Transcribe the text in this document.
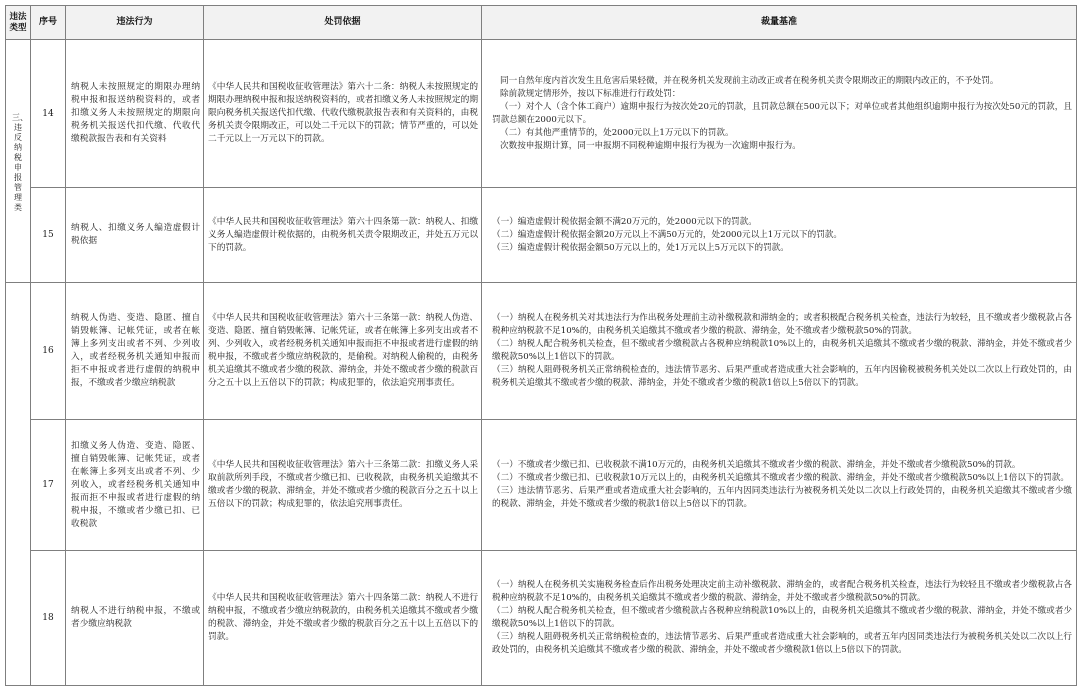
违法类型	序号	违法行为	处罚依据	裁量基准

三、违反纳税申报管理类	14	纳税人未按照规定的期限办理纳税申报和报送纳税资料的，或者扣缴义务人未按照规定的期限向税务机关报送代扣代缴、代收代缴税款报告表和有关资料	《中华人民共和国税收征收管理法》第六十二条：纳税人未按照规定的期限办理纳税申报和报送纳税资料的，或者扣缴义务人未按照规定的期限向税务机关报送代扣代缴、代收代缴税款报告表和有关资料的，由税务机关责令限期改正，可以处二千元以下的罚款；情节严重的，可以处二千元以上一万元以下的罚款。	同一自然年度内首次发生且危害后果轻微，并在税务机关发现前主动改正或者在税务机关责令限期改正的期限内改正的，不予处罚。

除前款规定情形外，按以下标准进行行政处罚：

（一）对个人（含个体工商户）逾期申报行为按次处20元的罚款，且罚款总额在500元以下；对单位或者其他组织逾期申报行为按次处50元的罚款，且罚款总额在2000元以下。

（二）有其他严重情节的，处2000元以上1万元以下的罚款。

次数按申报期计算，同一申报期不同税种逾期申报行为视为一次逾期申报行为。

	15	纳税人、扣缴义务人编造虚假计税依据	《中华人民共和国税收征收管理法》第六十四条第一款：纳税人、扣缴义务人编造虚假计税依据的，由税务机关责令限期改正，并处五万元以下的罚款。	（一）编造虚假计税依据金额不满20万元的，处2000元以下的罚款。

（二）编造虚假计税依据金额20万元以上不满50万元的，处2000元以上1万元以下的罚款。

（三）编造虚假计税依据金额50万元以上的，处1万元以上5万元以下的罚款。

	16	纳税人伪造、变造、隐匿、擅自销毁帐簿、记帐凭证，或者在帐簿上多列支出或者不列、少列收入，或者经税务机关通知申报而拒不申报或者进行虚假的纳税申报，不缴或者少缴应纳税款	《中华人民共和国税收征收管理法》第六十三条第一款：纳税人伪造、变造、隐匿、擅自销毁帐簿、记帐凭证，或者在帐簿上多列支出或者不列、少列收入，或者经税务机关通知申报而拒不申报或者进行虚假的纳税申报，不缴或者少缴应纳税款的，是偷税。对纳税人偷税的，由税务机关追缴其不缴或者少缴的税款、滞纳金，并处不缴或者少缴的税款百分之五十以上五倍以下的罚款；构成犯罪的，依法追究刑事责任。	（一）纳税人在税务机关对其违法行为作出税务处理前主动补缴税款和滞纳金的；或者积极配合税务机关检查，违法行为较轻，且不缴或者少缴税款占各税种应纳税款不足10%的，由税务机关追缴其不缴或者少缴的税款、滞纳金，处不缴或者少缴税款50%的罚款。

（二）纳税人配合税务机关检查，但不缴或者少缴税款占各税种应纳税款10%以上的，由税务机关追缴其不缴或者少缴的税款、滞纳金，并处不缴或者少缴税款50%以上1倍以下的罚款。

（三）纳税人阻碍税务机关正常纳税检查的，违法情节恶劣、后果严重或者造成重大社会影响的，五年内因偷税被税务机关处以二次以上行政处罚的，由税务机关追缴其不缴或者少缴的税款、滞纳金，并处不缴或者少缴的税款1倍以上5倍以下的罚款。

	17	扣缴义务人伪造、变造、隐匿、擅自销毁帐簿、记帐凭证，或者在帐簿上多列支出或者不列、少列收入，或者经税务机关通知申报而拒不申报或者进行虚假的纳税申报，不缴或者少缴已扣、已收税款	《中华人民共和国税收征收管理法》第六十三条第二款：扣缴义务人采取前款所列手段，不缴或者少缴已扣、已收税款，由税务机关追缴其不缴或者少缴的税款、滞纳金，并处不缴或者少缴的税款百分之五十以上五倍以下的罚款；构成犯罪的，依法追究刑事责任。	（一）不缴或者少缴已扣、已收税款不满10万元的，由税务机关追缴其不缴或者少缴的税款、滞纳金，并处不缴或者少缴税款50%的罚款。

（二）不缴或者少缴已扣、已收税款10万元以上的，由税务机关追缴其不缴或者少缴的税款、滞纳金，并处不缴或者少缴税款50%以上1倍以下的罚款。

（三）违法情节恶劣、后果严重或者造成重大社会影响的，五年内因同类违法行为被税务机关处以二次以上行政处罚的，由税务机关追缴其不缴或者少缴的税款、滞纳金，并处不缴或者少缴的税款1倍以上5倍以下的罚款。

	18	纳税人不进行纳税申报，不缴或者少缴应纳税款	《中华人民共和国税收征收管理法》第六十四条第二款：纳税人不进行纳税申报，不缴或者少缴应纳税款的，由税务机关追缴其不缴或者少缴的税款、滞纳金，并处不缴或者少缴的税款百分之五十以上五倍以下的罚款。	（一）纳税人在税务机关实施税务检查后作出税务处理决定前主动补缴税款、滞纳金的，或者配合税务机关检查，违法行为较轻且不缴或者少缴税款占各税种应纳税款不足10%的，由税务机关追缴其不缴或者少缴的税款、滞纳金，并处不缴或者少缴税款50%的罚款。

（二）纳税人配合税务机关检查，但不缴或者少缴税款占各税种应纳税款10%以上的，由税务机关追缴其不缴或者少缴的税款、滞纳金，并处不缴或者少缴税款50%以上1倍以下的罚款。

（三）纳税人阻碍税务机关正常纳税检查的，违法情节恶劣、后果严重或者造成重大社会影响的，或者五年内因同类违法行为被税务机关处以二次以上行政处罚的，由税务机关追缴其不缴或者少缴的税款、滞纳金，并处不缴或者少缴税款1倍以上5倍以下的罚款。
